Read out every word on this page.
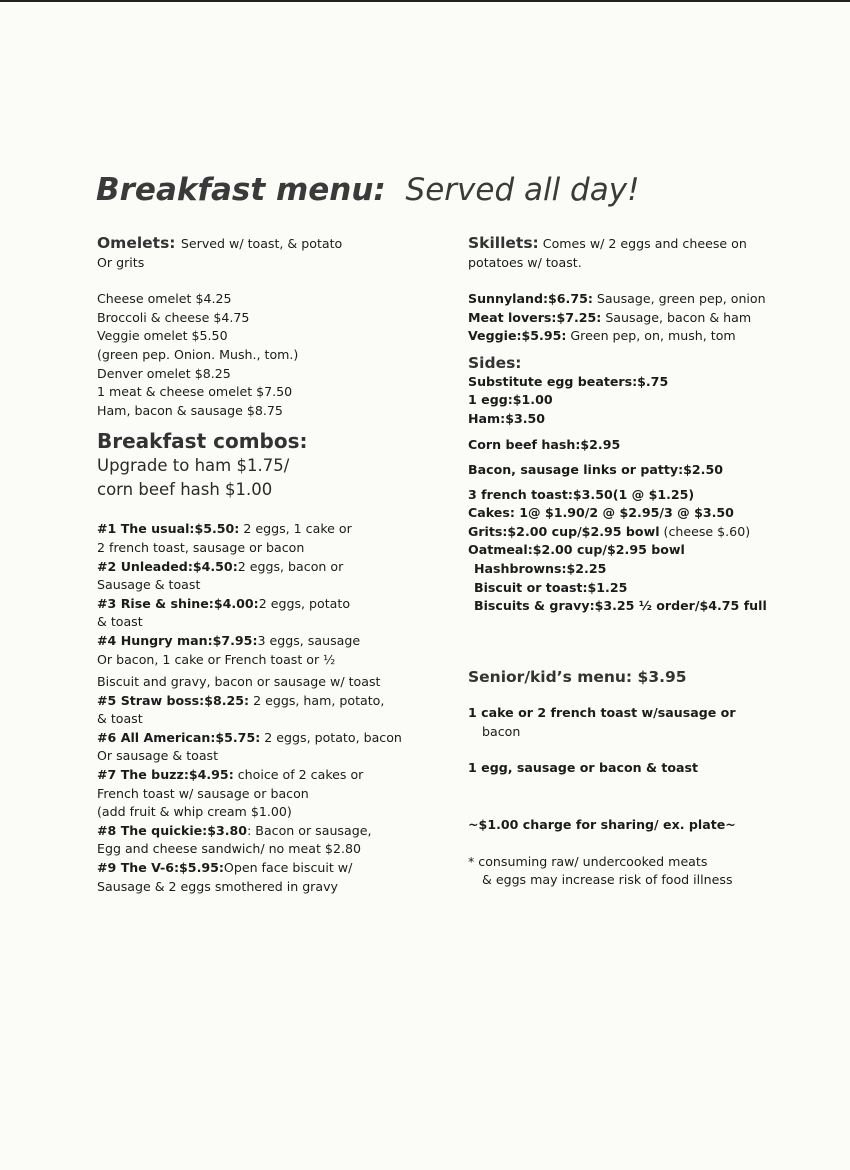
Breakfast menu: Served all day!
Omelets: Served w/ toast, & potato
Or grits
Cheese omelet $4.25
Broccoli & cheese $4.75
Veggie omelet $5.50
(green pep. Onion. Mush., tom.)
Denver omelet $8.25
1 meat & cheese omelet $7.50
Ham, bacon & sausage $8.75
Breakfast combos:
Upgrade to ham $1.75/
corn beef hash $1.00
#1 The usual:$5.50: 2 eggs, 1 cake or
2 french toast, sausage or bacon
#2 Unleaded:$4.50:2 eggs, bacon or
Sausage & toast
#3 Rise & shine:$4.00:2 eggs, potato
& toast
#4 Hungry man:$7.95:3 eggs, sausage
Or bacon, 1 cake or French toast or ½
Biscuit and gravy, bacon or sausage w/ toast
#5 Straw boss:$8.25: 2 eggs, ham, potato,
& toast
#6 All American:$5.75: 2 eggs, potato, bacon
Or sausage & toast
#7 The buzz:$4.95: choice of 2 cakes or
French toast w/ sausage or bacon
(add fruit & whip cream $1.00)
#8 The quickie:$3.80: Bacon or sausage,
Egg and cheese sandwich/ no meat $2.80
#9 The V-6:$5.95:Open face biscuit w/
Sausage & 2 eggs smothered in gravy
Skillets: Comes w/ 2 eggs and cheese on
potatoes w/ toast.
Sunnyland:$6.75: Sausage, green pep, onion
Meat lovers:$7.25: Sausage, bacon & ham
Veggie:$5.95: Green pep, on, mush, tom
Sides:
Substitute egg beaters:$.75
1 egg:$1.00
Ham:$3.50
Corn beef hash:$2.95
Bacon, sausage links or patty:$2.50
3 french toast:$3.50(1 @ $1.25)
Cakes: 1@ $1.90/2 @ $2.95/3 @ $3.50
Grits:$2.00 cup/$2.95 bowl (cheese $.60)
Oatmeal:$2.00 cup/$2.95 bowl
Hashbrowns:$2.25
Biscuit or toast:$1.25
Biscuits & gravy:$3.25 ½ order/$4.75 full
Senior/kid’s menu: $3.95
1 cake or 2 french toast w/sausage or
bacon
1 egg, sausage or bacon & toast
~$1.00 charge for sharing/ ex. plate~
* consuming raw/ undercooked meats
& eggs may increase risk of food illness
